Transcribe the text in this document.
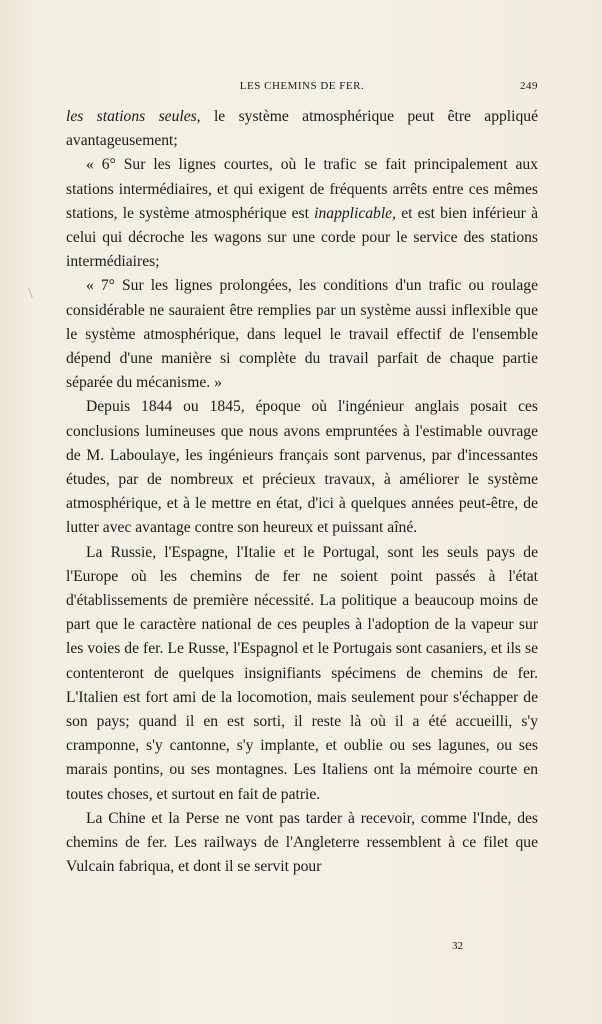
LES CHEMINS DE FER.	249

les stations seules, le système atmosphérique peut être appliqué avantageusement;

« 6° Sur les lignes courtes, où le trafic se fait principalement aux stations intermédiaires, et qui exigent de fréquents arrêts entre ces mêmes stations, le système atmosphérique est inapplicable, et est bien inférieur à celui qui décroche les wagons sur une corde pour le service des stations intermédiaires;

« 7° Sur les lignes prolongées, les conditions d'un trafic ou roulage considérable ne sauraient être remplies par un système aussi inflexible que le système atmosphérique, dans lequel le travail effectif de l'ensemble dépend d'une manière si complète du travail parfait de chaque partie séparée du mécanisme. »

Depuis 1844 ou 1845, époque où l'ingénieur anglais posait ces conclusions lumineuses que nous avons empruntées à l'estimable ouvrage de M. Laboulaye, les ingénieurs français sont parvenus, par d'incessantes études, par de nombreux et précieux travaux, à améliorer le système atmosphérique, et à le mettre en état, d'ici à quelques années peut-être, de lutter avec avantage contre son heureux et puissant aîné.

La Russie, l'Espagne, l'Italie et le Portugal, sont les seuls pays de l'Europe où les chemins de fer ne soient point passés à l'état d'établissements de première nécessité. La politique a beaucoup moins de part que le caractère national de ces peuples à l'adoption de la vapeur sur les voies de fer. Le Russe, l'Espagnol et le Portugais sont casaniers, et ils se contenteront de quelques insignifiants spécimens de chemins de fer. L'Italien est fort ami de la locomotion, mais seulement pour s'échapper de son pays; quand il en est sorti, il reste là où il a été accueilli, s'y cramponne, s'y cantonne, s'y implante, et oublie ou ses lagunes, ou ses marais pontins, ou ses montagnes. Les Italiens ont la mémoire courte en toutes choses, et surtout en fait de patrie.

La Chine et la Perse ne vont pas tarder à recevoir, comme l'Inde, des chemins de fer. Les railways de l'Angleterre ressemblent à ce filet que Vulcain fabriqua, et dont il se servit pour

32
